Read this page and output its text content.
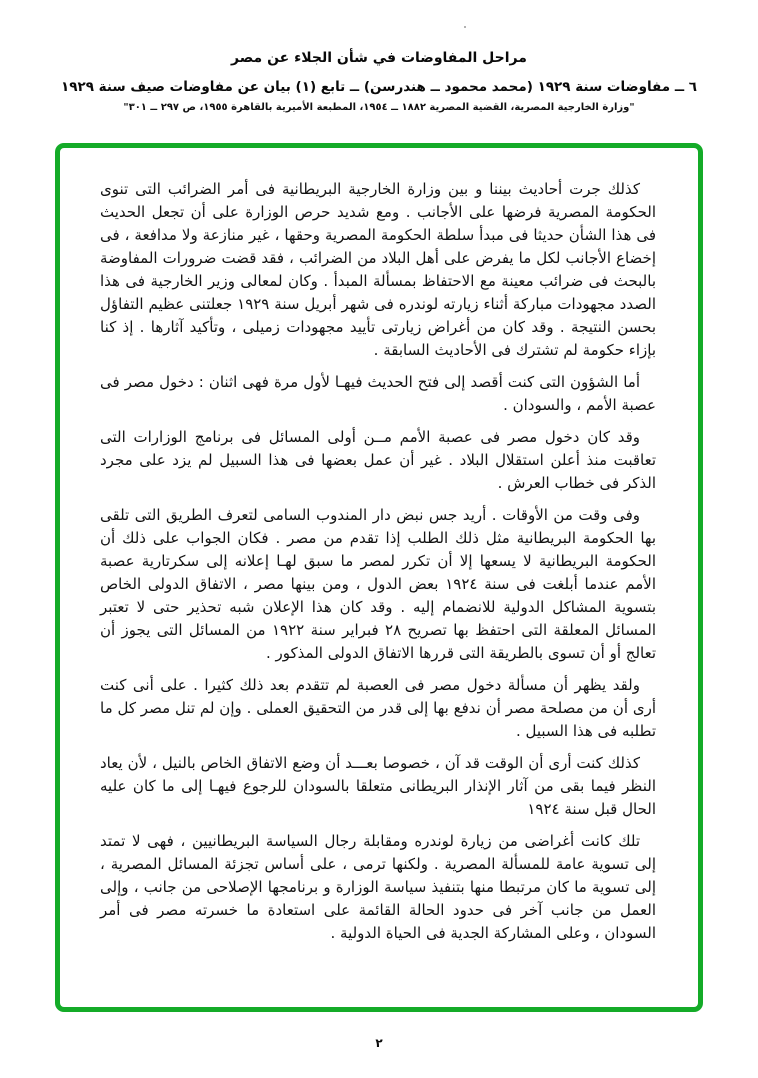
مراحل المفاوضات في شأن الجلاء عن مصر
٦ ــ مفاوضات سنة ١٩٢٩ (محمد محمود ــ هندرسن) ــ تابع (١) بيان عن مفاوضات صيف سنة ١٩٢٩
"وزارة الخارجية المصرية، القضية المصرية ١٨٨٢ ــ ١٩٥٤، المطبعة الأميرية بالقاهرة ١٩٥٥، ص ٢٩٧ ــ ٣٠١"

كذلك جرت أحاديث بيننا و بين وزارة الخارجية البريطانية فى أمر الضرائب التى تنوى الحكومة المصرية فرضها على الأجانب . ومع شديد حرص الوزارة على أن تجعل الحديث فى هذا الشأن حديثا فى مبدأ سلطة الحكومة المصرية وحقها ، غير منازعة ولا مدافعة ، فى إخضاع الأجانب لكل ما يفرض على أهل البلاد من الضرائب ، فقد قضت ضرورات المفاوضة بالبحث فى ضرائب معينة مع الاحتفاظ بمسألة المبدأ . وكان لمعالى وزير الخارجية فى هذا الصدد مجهودات مباركة أثناء زيارته لوندره فى شهر أبريل سنة ١٩٢٩ جعلتنى عظيم التفاؤل بحسن النتيجة . وقد كان من أغراض زيارتى تأييد مجهودات زميلى ، وتأكيد آثارها . إذ كنا بإزاء حكومة لم تشترك فى الأحاديث السابقة .

أما الشؤون التى كنت أقصد إلى فتح الحديث فيهـا لأول مرة فهى اثنان : دخول مصر فى عصبة الأمم ، والسودان .

وقد كان دخول مصر فى عصبة الأمم مــن أولى المسائل فى برنامج الوزارات التى تعاقبت منذ أعلن استقلال البلاد . غير أن عمل بعضها فى هذا السبيل لم يزد على مجرد الذكر فى خطاب العرش .

وفى وقت من الأوقات . أريد جس نبض دار المندوب السامى لتعرف الطريق التى تلقى بها الحكومة البريطانية مثل ذلك الطلب إذا تقدم من مصر . فكان الجواب على ذلك أن الحكومة البريطانية لا يسعها إلا أن تكرر لمصر ما سبق لهـا إعلانه إلى سكرتارية عصبة الأمم عندما أبلغت فى سنة ١٩٢٤ بعض الدول ، ومن بينها مصر ، الاتفاق الدولى الخاص بتسوية المشاكل الدولية للانضمام إليه . وقد كان هذا الإعلان شبه تحذير حتى لا تعتبر المسائل المعلقة التى احتفظ بها تصريح ٢٨ فبراير سنة ١٩٢٢ من المسائل التى يجوز أن تعالج أو أن تسوى بالطريقة التى قررها الاتفاق الدولى المذكور .

ولقد يظهر أن مسألة دخول مصر فى العصبة لم تتقدم بعد ذلك كثيرا . على أنى كنت أرى أن من مصلحة مصر أن ندفع بها إلى قدر من التحقيق العملى . وإن لم تنل مصر كل ما تطلبه فى هذا السبيل .

كذلك كنت أرى أن الوقت قد آن ، خصوصا بعـــد أن وضع الاتفاق الخاص بالنيل ، لأن يعاد النظر فيما بقى من آثار الإنذار البريطانى متعلقا بالسودان للرجوع فيهـا إلى ما كان عليه الحال قبل سنة ١٩٢٤

تلك كانت أغراضى من زيارة لوندره ومقابلة رجال السياسة البريطانيين ، فهى لا تمتد إلى تسوية عامة للمسألة المصرية . ولكنها ترمى ، على أساس تجزئة المسائل المصرية ، إلى تسوية ما كان مرتبطا منها بتنفيذ سياسة الوزارة و برنامجها الإصلاحى من جانب ، وإلى العمل من جانب آخر فى حدود الحالة القائمة على استعادة ما خسرته مصر فى أمر السودان ، وعلى المشاركة الجدية فى الحياة الدولية .

٢
